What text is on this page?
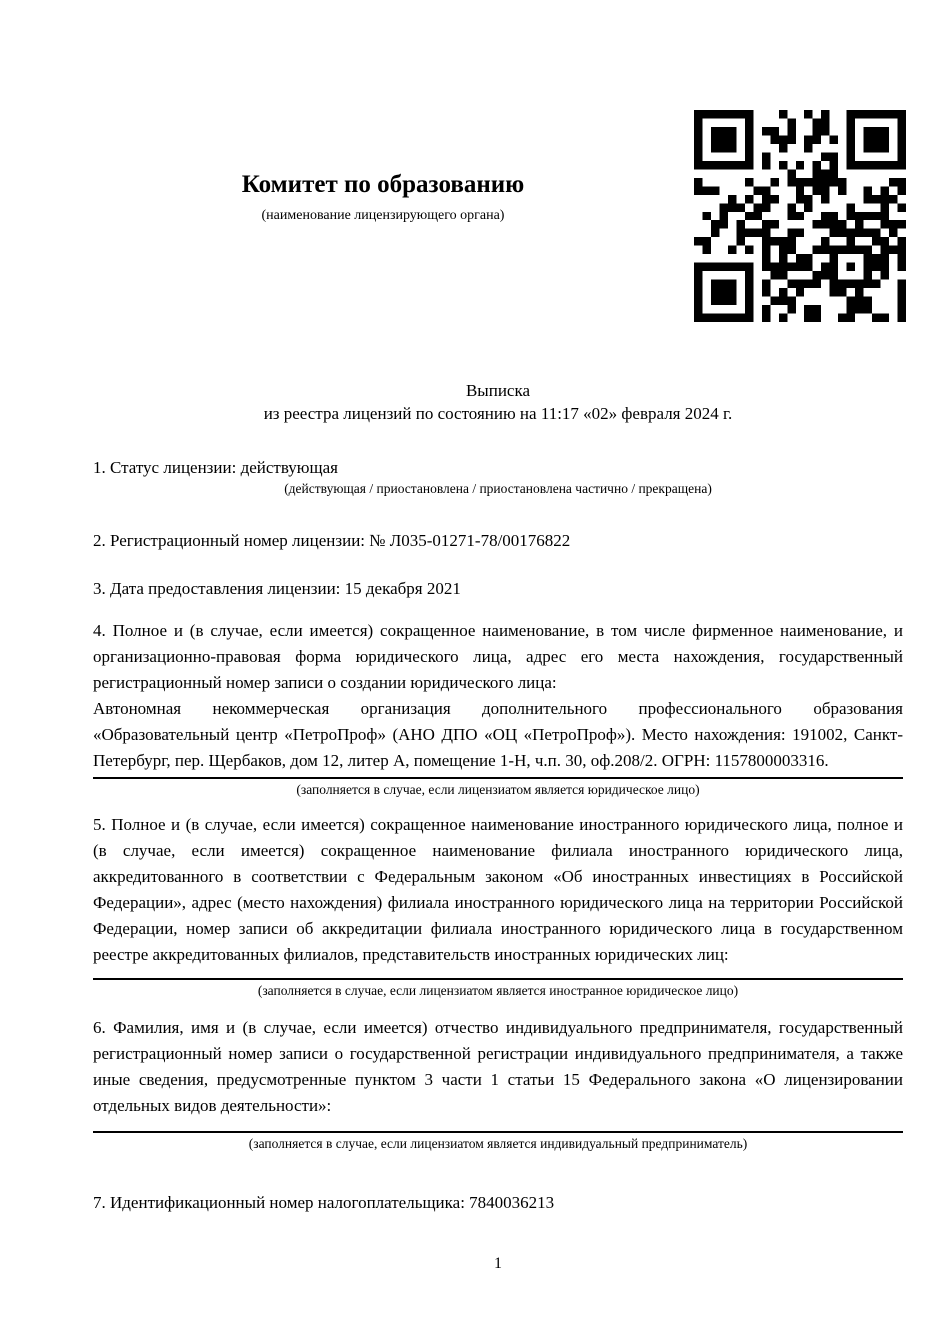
Комитет по образованию
(наименование лицензирующего органа)
Выписка
из реестра лицензий по состоянию на 11:17 «02» февраля 2024 г.

1. Статус лицензии: действующая

(действующая / приостановлена / приостановлена частично / прекращена)

2. Регистрационный номер лицензии: № Л035-01271-78/00176822

3. Дата предоставления лицензии: 15 декабря 2021

4. Полное и (в случае, если имеется) сокращенное наименование, в том числе фирменное наименование, и организационно-правовая форма юридического лица, адрес его места нахождения, государственный регистрационный номер записи о создании юридического лица:

Автономная некоммерческая организация дополнительного профессионального образования «Образовательный центр «ПетроПроф» (АНО ДПО «ОЦ «ПетроПроф»). Место нахождения: 191002, Санкт-Петербург, пер. Щербаков, дом 12, литер А, помещение 1-Н, ч.п. 30, оф.208/2. ОГРН: 1157800003316.

(заполняется в случае, если лицензиатом является юридическое лицо)

5. Полное и (в случае, если имеется) сокращенное наименование иностранного юридического лица, полное и (в случае, если имеется) сокращенное наименование филиала иностранного юридического лица, аккредитованного в соответствии с Федеральным законом «Об иностранных инвестициях в Российской Федерации», адрес (место нахождения) филиала иностранного юридического лица на территории Российской Федерации, номер записи об аккредитации филиала иностранного юридического лица в государственном реестре аккредитованных филиалов, представительств иностранных юридических лиц:

(заполняется в случае, если лицензиатом является иностранное юридическое лицо)

6. Фамилия, имя и (в случае, если имеется) отчество индивидуального предпринимателя, государственный регистрационный номер записи о государственной регистрации индивидуального предпринимателя, а также иные сведения, предусмотренные пунктом 3 части 1 статьи 15 Федерального закона «О лицензировании отдельных видов деятельности»:

(заполняется в случае, если лицензиатом является индивидуальный предприниматель)

7. Идентификационный номер налогоплательщика: 7840036213

1
